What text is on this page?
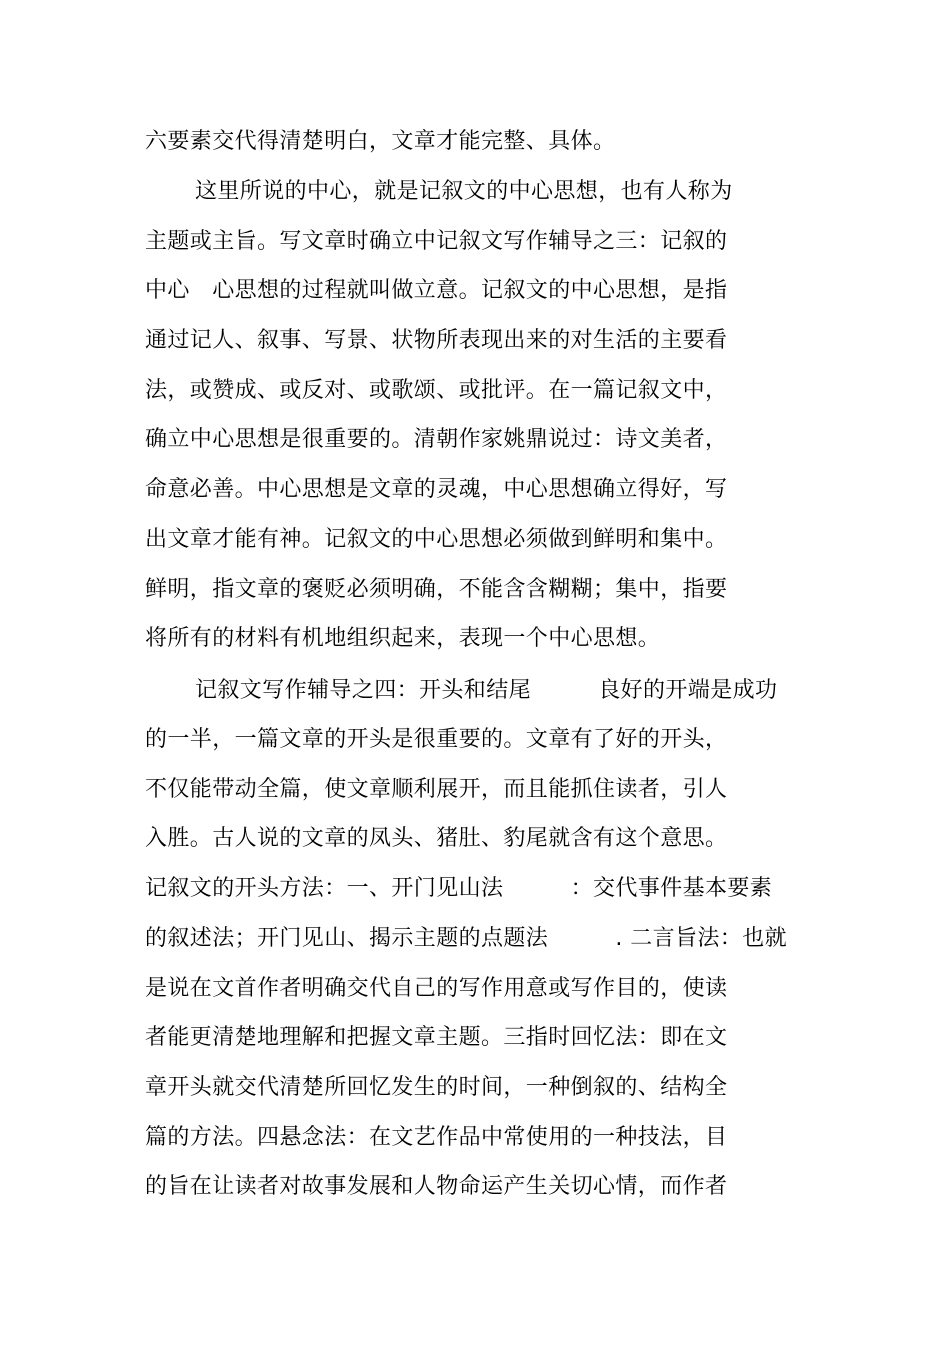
六要素交代得清楚明白，文章才能完整、具体。

这里所说的中心，就是记叙文的中心思想，也有人称为

主题或主旨。写文章时确立中记叙文写作辅导之三：记叙的

中心　心思想的过程就叫做立意。记叙文的中心思想，是指

通过记人、叙事、写景、状物所表现出来的对生活的主要看

法，或赞成、或反对、或歌颂、或批评。在一篇记叙文中，

确立中心思想是很重要的。清朝作家姚鼎说过：诗文美者，

命意必善。中心思想是文章的灵魂，中心思想确立得好，写

出文章才能有神。记叙文的中心思想必须做到鲜明和集中。

鲜明，指文章的褒贬必须明确，不能含含糊糊；集中，指要

将所有的材料有机地组织起来，表现一个中心思想。

记叙文写作辅导之四：开头和结尾　　　良好的开端是成功

的一半，一篇文章的开头是很重要的。文章有了好的开头，

不仅能带动全篇，使文章顺利展开，而且能抓住读者，引人

入胜。古人说的文章的凤头、猪肚、豹尾就含有这个意思。

记叙文的开头方法：一、开门见山法　　　：交代事件基本要素

的叙述法；开门见山、揭示主题的点题法　　　. 二言旨法：也就

是说在文首作者明确交代自己的写作用意或写作目的，使读

者能更清楚地理解和把握文章主题。三指时回忆法：即在文

章开头就交代清楚所回忆发生的时间，一种倒叙的、结构全

篇的方法。四悬念法：在文艺作品中常使用的一种技法，目

的旨在让读者对故事发展和人物命运产生关切心情，而作者
